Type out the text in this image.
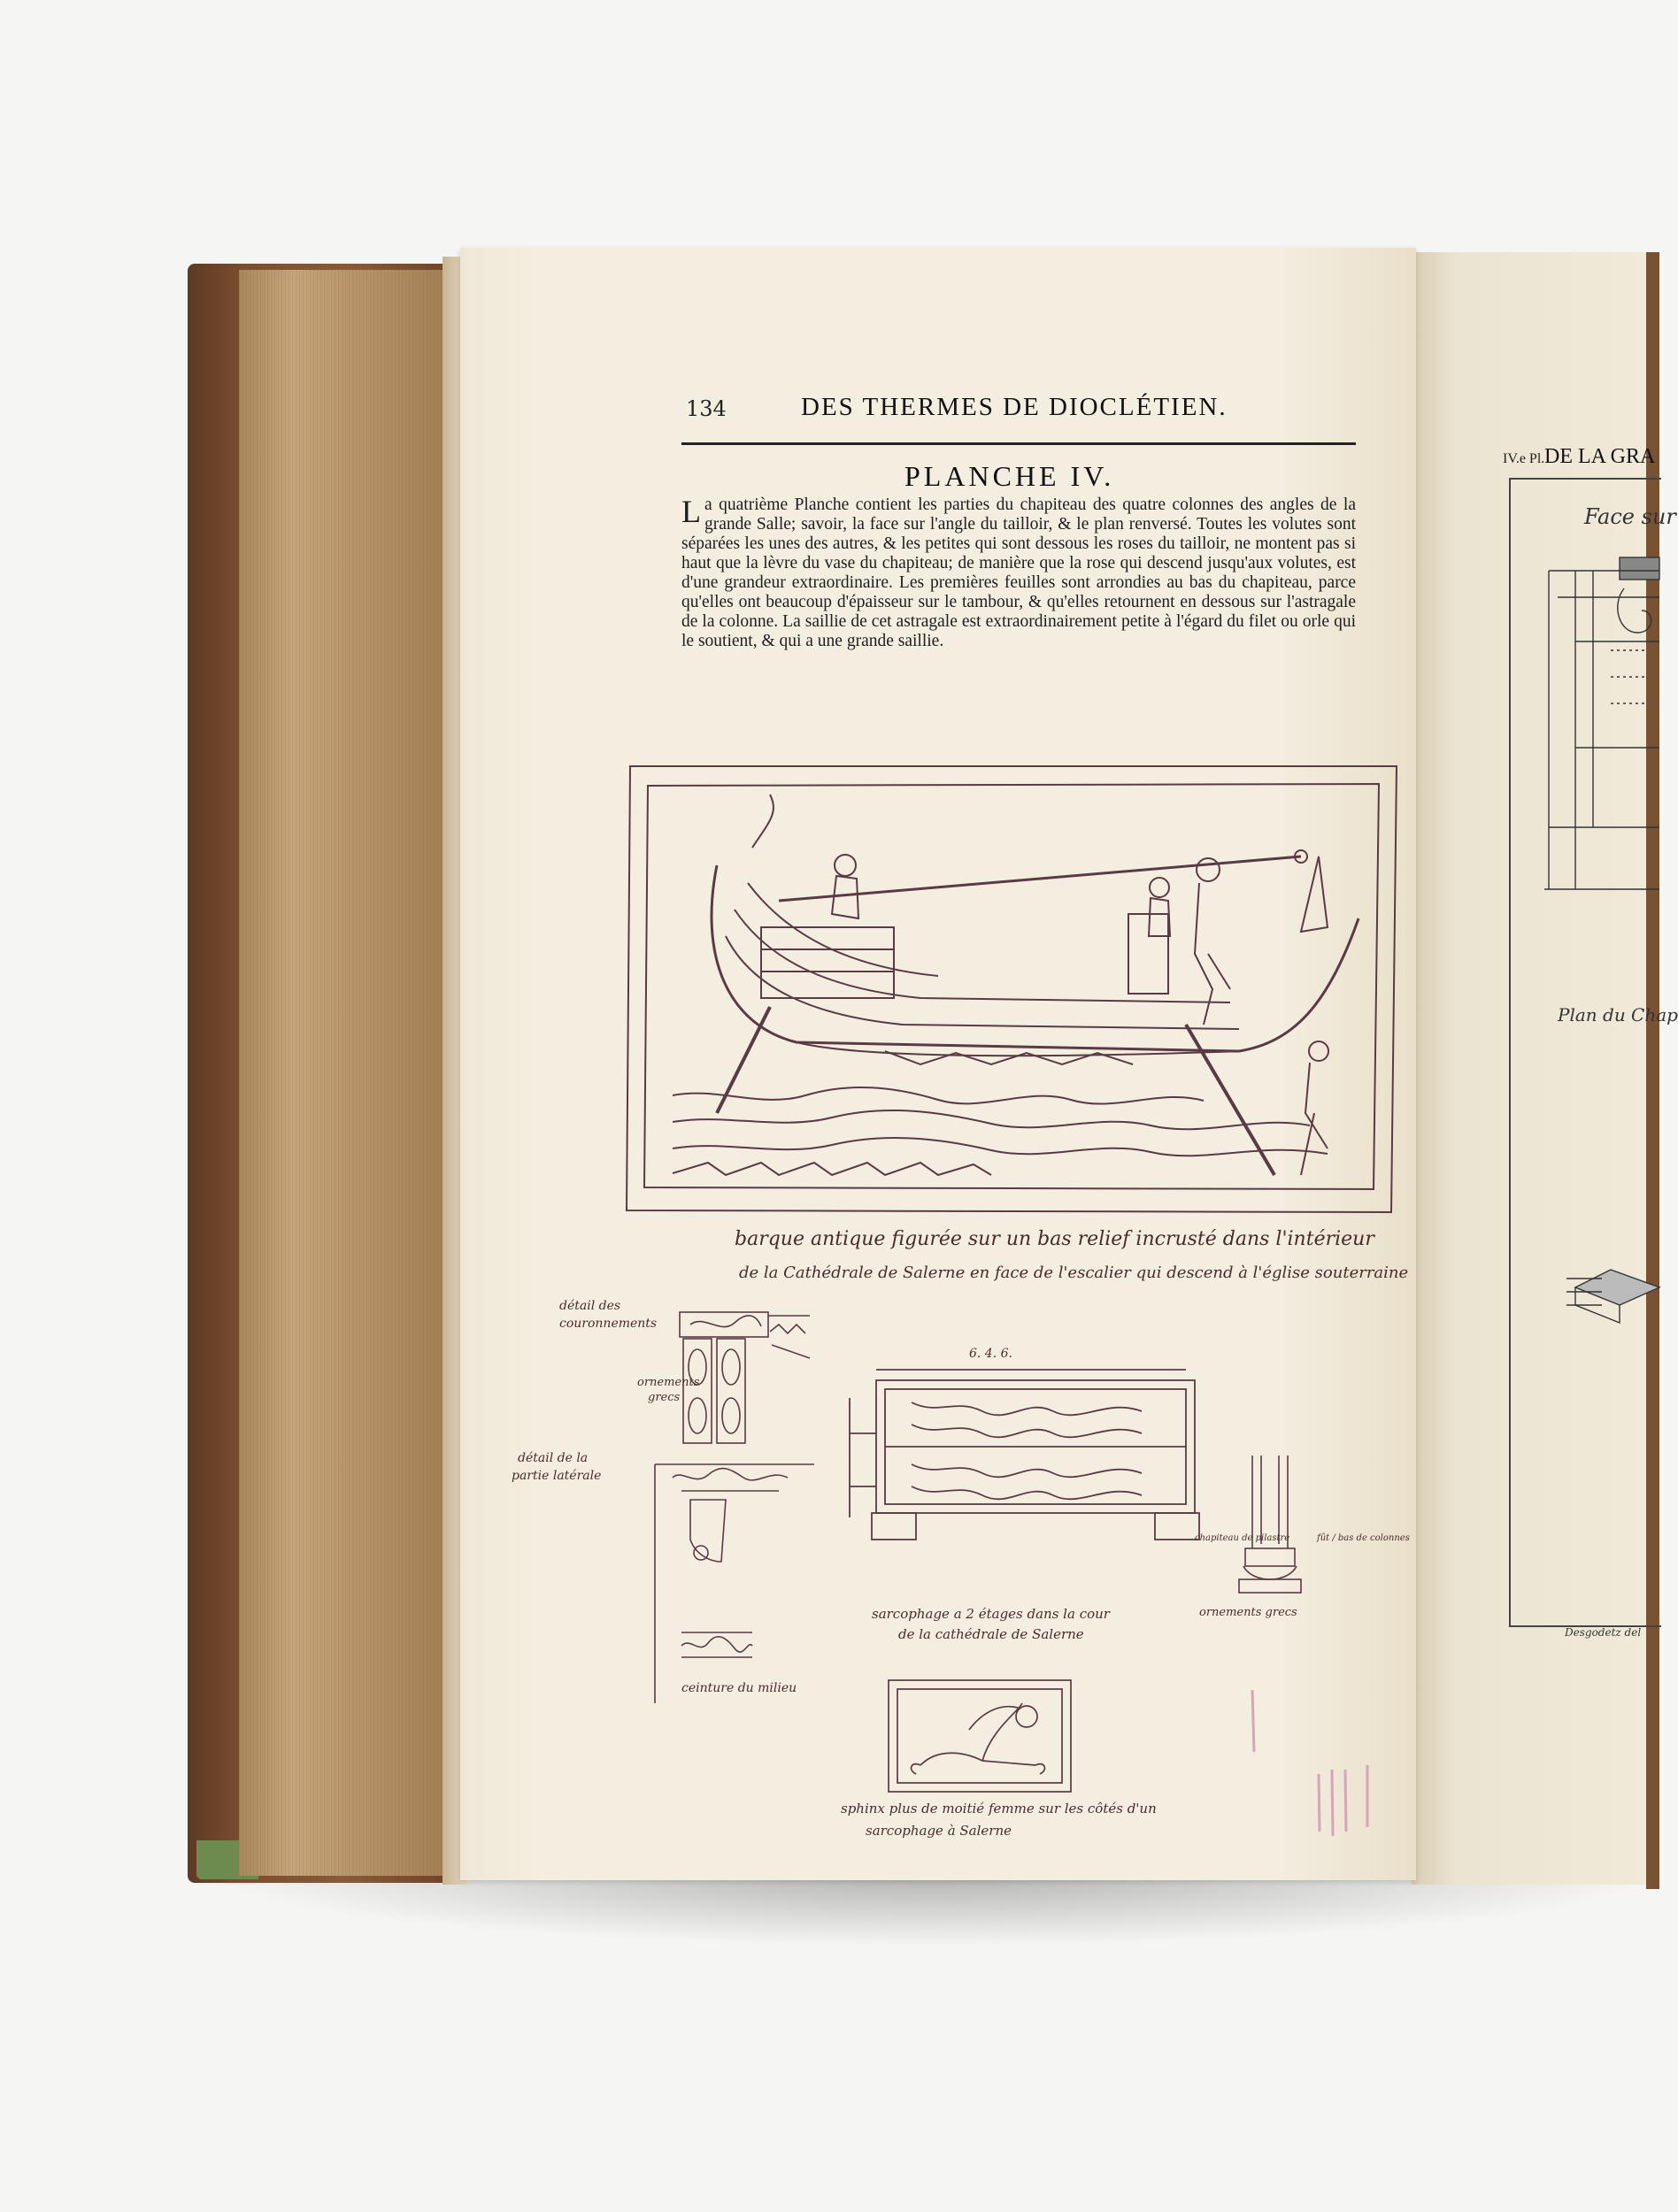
134	DES THERMES DE DIOCLÉTIEN.
PLANCHE IV.
La quatrième Planche contient les parties du chapiteau des quatre colonnes des angles de la grande Salle; savoir, la face sur l'angle du tailloir, & le plan renversé. Toutes les volutes sont séparées les unes des autres, & les petites qui sont dessous les roses du tailloir, ne montent pas si haut que la lèvre du vase du chapiteau; de manière que la rose qui descend jusqu'aux volutes, est d'une grandeur extraordinaire. Les premières feuilles sont arrondies au bas du chapiteau, parce qu'elles ont beaucoup d'épaisseur sur le tambour, & qu'elles retournent en dessous sur l'astragale de la colonne. La saillie de cet astragale est extraordinairement petite à l'égard du filet ou orle qui le soutient, & qui a une grande saillie.
barque antique figurée sur un bas relief incrusté dans l'intérieur
de la Cathédrale de Salerne en face de l'escalier qui descend à l'église souterraine
détail des
couronnements
ornements
grecs
détail de la
partie latérale
ceinture du milieu
6. 4. 6.
sarcophage a 2 étages dans la cour
de la cathédrale de Salerne
chapiteau de pilastre	fût / bas de colonnes
ornements grecs
sphinx plus de moitié femme sur les côtés d'un
sarcophage à Salerne
IV.e Pl. DE LA GRA
Face sur
Plan du Chap
Desgodetz del
